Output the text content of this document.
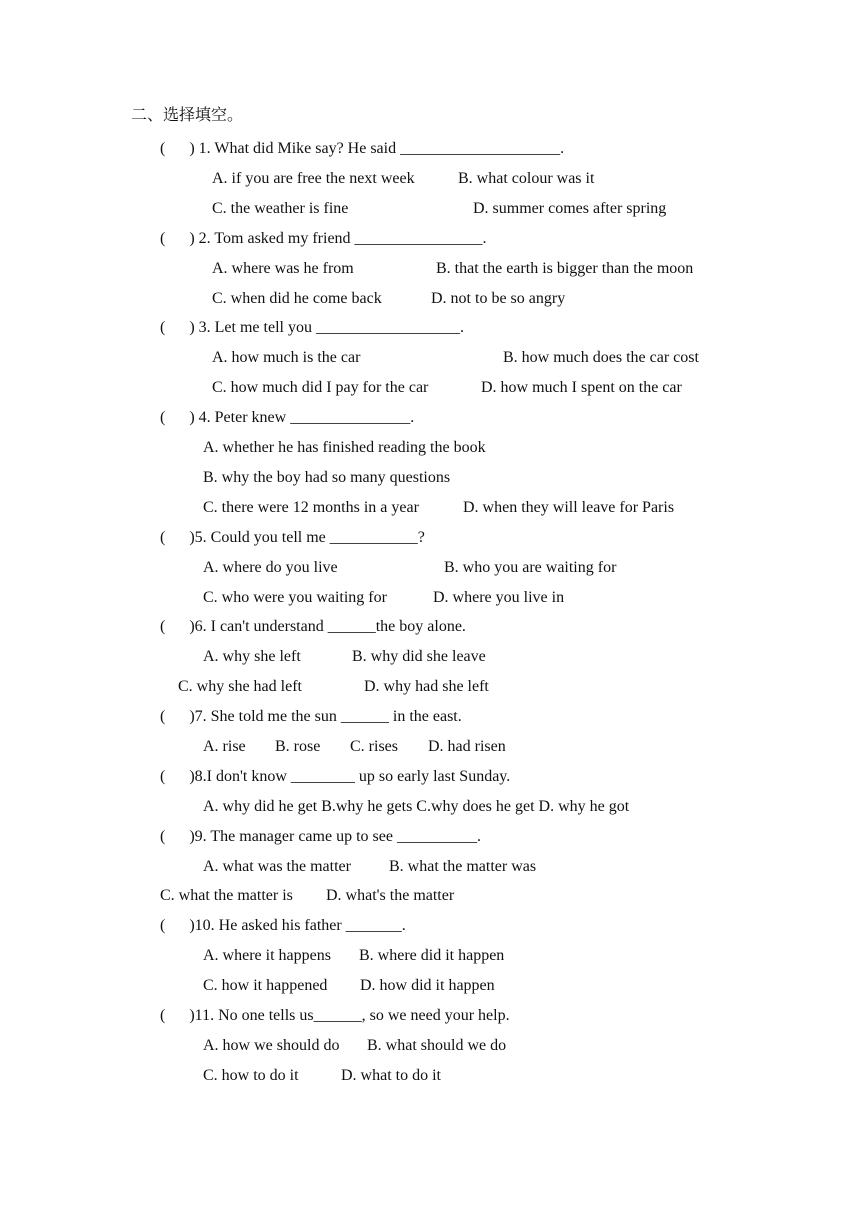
二、选择填空。
(      ) 1. What did Mike say? He said ____________________.
A. if you are free the next week	B. what colour was it
C. the weather is fine	D. summer comes after spring
(      ) 2. Tom asked my friend ________________.
A. where was he from	B. that the earth is bigger than the moon
C. when did he come back	D. not to be so angry
(      ) 3. Let me tell you __________________.
A. how much is the car	B. how much does the car cost
C. how much did I pay for the car	D. how much I spent on the car
(      ) 4. Peter knew _______________.
A. whether he has finished reading the book
B. why the boy had so many questions
C. there were 12 months in a year	D. when they will leave for Paris
(      )5. Could you tell me ___________?
A. where do you live	B. who you are waiting for
C. who were you waiting for	D. where you live in
(      )6. I can't understand ______the boy alone.
A. why she left	B. why did she leave
C. why she had left	D. why had she left
(      )7. She told me the sun ______ in the east.
A. rise B. rose C. rises D. had risen
(      )8.I don't know ________ up so early last Sunday.
A. why did he get B.why he gets C.why does he get D. why he got
(      )9. The manager came up to see __________.
A. what was the matter B. what the matter was
C. what the matter is D. what's the matter
(      )10. He asked his father _______.
A. where it happens B. where did it happen
C. how it happened D. how did it happen
(      )11. No one tells us______, so we need your help.
A. how we should do B. what should we do
C. how to do it	D. what to do it
